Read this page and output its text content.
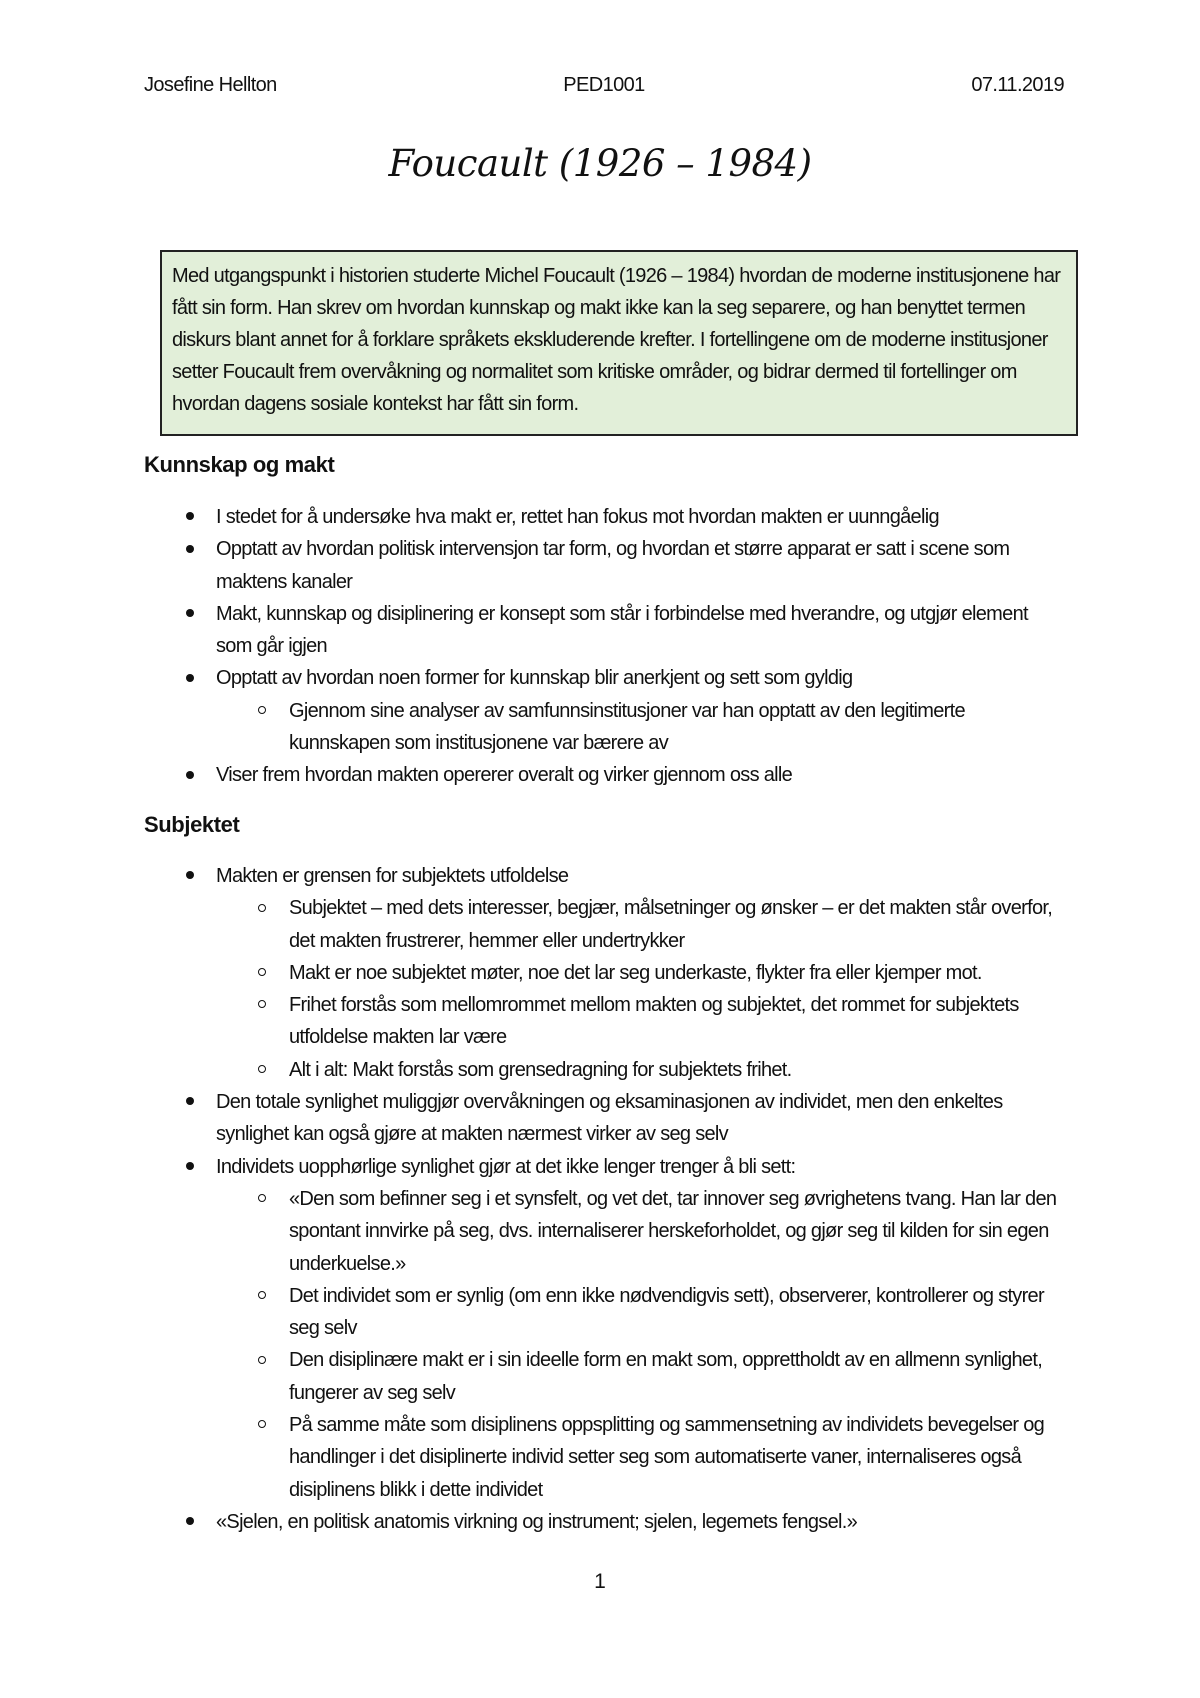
Josefine Hellton	PED1001	07.11.2019
Foucault (1926 – 1984)
Med utgangspunkt i historien studerte Michel Foucault (1926 – 1984) hvordan de moderne institusjonene har fått sin form. Han skrev om hvordan kunnskap og makt ikke kan la seg separere, og han benyttet termen diskurs blant annet for å forklare språkets ekskluderende krefter. I fortellingene om de moderne institusjoner setter Foucault frem overvåkning og normalitet som kritiske områder, og bidrar dermed til fortellinger om hvordan dagens sosiale kontekst har fått sin form.
Kunnskap og makt
I stedet for å undersøke hva makt er, rettet han fokus mot hvordan makten er uunngåelig
Opptatt av hvordan politisk intervensjon tar form, og hvordan et større apparat er satt i scene som maktens kanaler
Makt, kunnskap og disiplinering er konsept som står i forbindelse med hverandre, og utgjør element som går igjen
Opptatt av hvordan noen former for kunnskap blir anerkjent og sett som gyldig
Gjennom sine analyser av samfunnsinstitusjoner var han opptatt av den legitimerte kunnskapen som institusjonene var bærere av
Viser frem hvordan makten opererer overalt og virker gjennom oss alle
Subjektet
Makten er grensen for subjektets utfoldelse
Subjektet – med dets interesser, begjær, målsetninger og ønsker – er det makten står overfor, det makten frustrerer, hemmer eller undertrykker
Makt er noe subjektet møter, noe det lar seg underkaste, flykter fra eller kjemper mot.
Frihet forstås som mellomrommet mellom makten og subjektet, det rommet for subjektets utfoldelse makten lar være
Alt i alt: Makt forstås som grensedragning for subjektets frihet.
Den totale synlighet muliggjør overvåkningen og eksaminasjonen av individet, men den enkeltes synlighet kan også gjøre at makten nærmest virker av seg selv
Individets uopphørlige synlighet gjør at det ikke lenger trenger å bli sett:
«Den som befinner seg i et synsfelt, og vet det, tar innover seg øvrighetens tvang. Han lar den spontant innvirke på seg, dvs. internaliserer herskeforholdet, og gjør seg til kilden for sin egen underkuelse.»
Det individet som er synlig (om enn ikke nødvendigvis sett), observerer, kontrollerer og styrer seg selv
Den disiplinære makt er i sin ideelle form en makt som, opprettholdt av en allmenn synlighet, fungerer av seg selv
På samme måte som disiplinens oppsplitting og sammensetning av individets bevegelser og handlinger i det disiplinerte individ setter seg som automatiserte vaner, internaliseres også disiplinens blikk i dette individet
«Sjelen, en politisk anatomis virkning og instrument; sjelen, legemets fengsel.»
1
